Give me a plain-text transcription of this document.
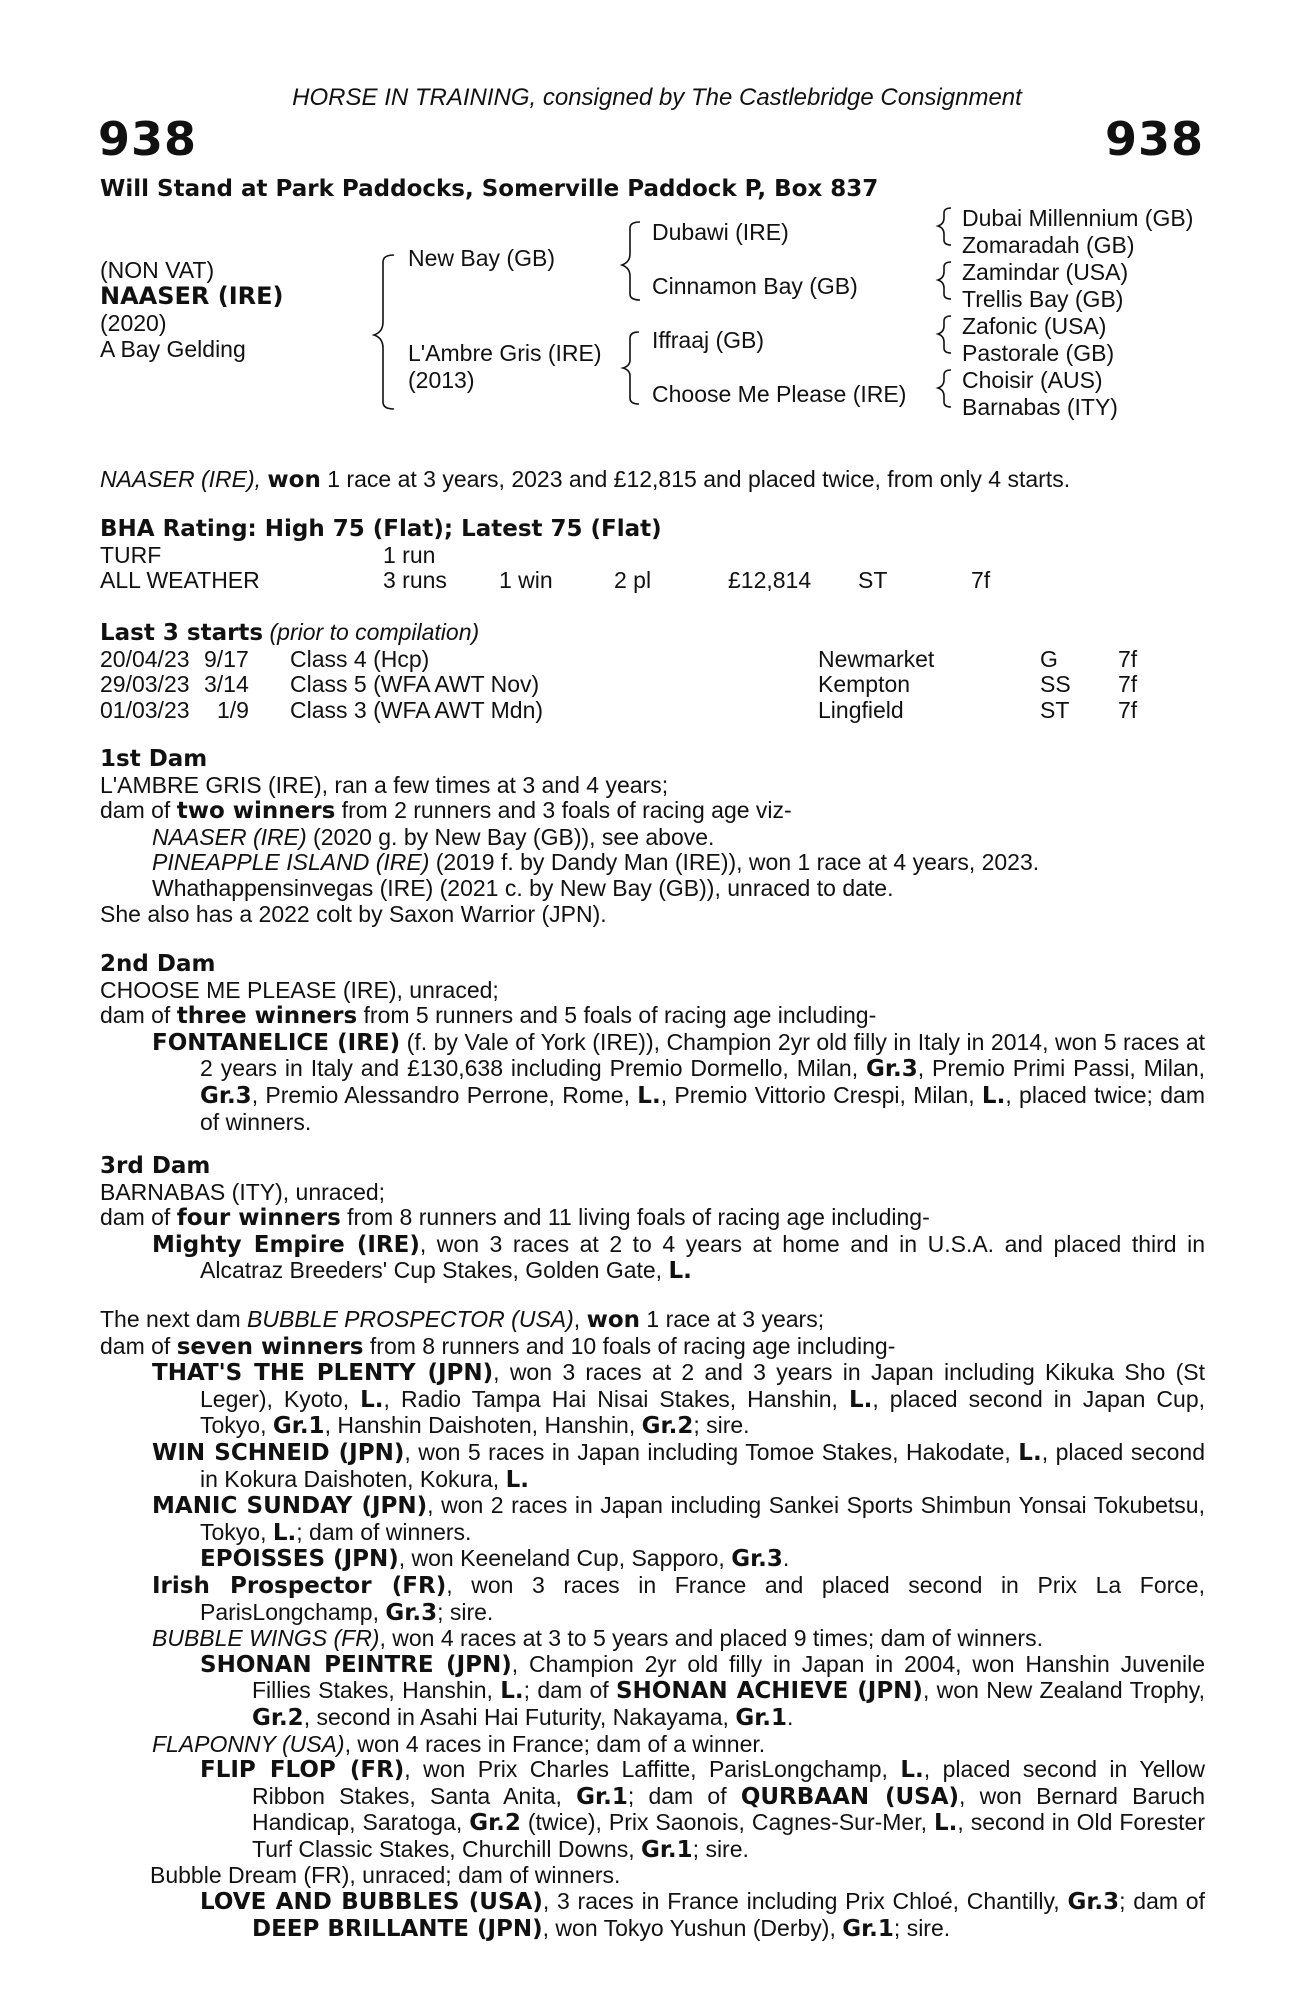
HORSE IN TRAINING, consigned by The Castlebridge Consignment
938	938
Will Stand at Park Paddocks, Somerville Paddock P, Box 837
(NON VAT)
NAASER (IRE)
(2020)
A Bay Gelding
New Bay (GB)
L'Ambre Gris (IRE)
(2013)
Dubawi (IRE)
Cinnamon Bay (GB)
Iffraaj (GB)
Choose Me Please (IRE)
Dubai Millennium (GB)
Zomaradah (GB)
Zamindar (USA)
Trellis Bay (GB)
Zafonic (USA)
Pastorale (GB)
Choisir (AUS)
Barnabas (ITY)
NAASER (IRE), won 1 race at 3 years, 2023 and £12,815 and placed twice, from only 4 starts.

BHA Rating: High 75 (Flat); Latest 75 (Flat)

TURF	1 run
ALL WEATHER	3 runs 1 win	2 pl	£12,814 ST	7f

Last 3 starts (prior to compilation)

20/04/23 9/17 Class 4 (Hcp)	Newmarket	G	7f
29/03/23 3/14 Class 5 (WFA AWT Nov)	Kempton	SS 7f
01/03/23 1/9 Class 3 (WFA AWT Mdn)	Lingfield	ST 7f

1st Dam

L'AMBRE GRIS (IRE), ran a few times at 3 and 4 years;

dam of two winners from 2 runners and 3 foals of racing age viz-

NAASER (IRE) (2020 g. by New Bay (GB)), see above.

PINEAPPLE ISLAND (IRE) (2019 f. by Dandy Man (IRE)), won 1 race at 4 years, 2023.

Whathappensinvegas (IRE) (2021 c. by New Bay (GB)), unraced to date.

She also has a 2022 colt by Saxon Warrior (JPN).

2nd Dam

CHOOSE ME PLEASE (IRE), unraced;

dam of three winners from 5 runners and 5 foals of racing age including-

FONTANELICE (IRE) (f. by Vale of York (IRE)), Champion 2yr old filly in Italy in 2014, won 5 races at 2 years in Italy and £130,638 including Premio Dormello, Milan, Gr.3, Premio Primi Passi, Milan, Gr.3, Premio Alessandro Perrone, Rome, L., Premio Vittorio Crespi, Milan, L., placed twice; dam of winners.

3rd Dam

BARNABAS (ITY), unraced;

dam of four winners from 8 runners and 11 living foals of racing age including-

Mighty Empire (IRE), won 3 races at 2 to 4 years at home and in U.S.A. and placed third in Alcatraz Breeders' Cup Stakes, Golden Gate, L.

The next dam BUBBLE PROSPECTOR (USA), won 1 race at 3 years;

dam of seven winners from 8 runners and 10 foals of racing age including-

THAT'S THE PLENTY (JPN), won 3 races at 2 and 3 years in Japan including Kikuka Sho (St Leger), Kyoto, L., Radio Tampa Hai Nisai Stakes, Hanshin, L., placed second in Japan Cup, Tokyo, Gr.1, Hanshin Daishoten, Hanshin, Gr.2; sire.

WIN SCHNEID (JPN), won 5 races in Japan including Tomoe Stakes, Hakodate, L., placed second in Kokura Daishoten, Kokura, L.

MANIC SUNDAY (JPN), won 2 races in Japan including Sankei Sports Shimbun Yonsai Tokubetsu, Tokyo, L.; dam of winners.

EPOISSES (JPN), won Keeneland Cup, Sapporo, Gr.3.

Irish Prospector (FR), won 3 races in France and placed second in Prix La Force, ParisLongchamp, Gr.3; sire.

BUBBLE WINGS (FR), won 4 races at 3 to 5 years and placed 9 times; dam of winners.

SHONAN PEINTRE (JPN), Champion 2yr old filly in Japan in 2004, won Hanshin Juvenile Fillies Stakes, Hanshin, L.; dam of SHONAN ACHIEVE (JPN), won New Zealand Trophy, Gr.2, second in Asahi Hai Futurity, Nakayama, Gr.1.

FLAPONNY (USA), won 4 races in France; dam of a winner.

FLIP FLOP (FR), won Prix Charles Laffitte, ParisLongchamp, L., placed second in Yellow Ribbon Stakes, Santa Anita, Gr.1; dam of QURBAAN (USA), won Bernard Baruch Handicap, Saratoga, Gr.2 (twice), Prix Saonois, Cagnes-Sur-Mer, L., second in Old Forester Turf Classic Stakes, Churchill Downs, Gr.1; sire.

Bubble Dream (FR), unraced; dam of winners.

LOVE AND BUBBLES (USA), 3 races in France including Prix Chloé, Chantilly, Gr.3; dam of DEEP BRILLANTE (JPN), won Tokyo Yushun (Derby), Gr.1; sire.
